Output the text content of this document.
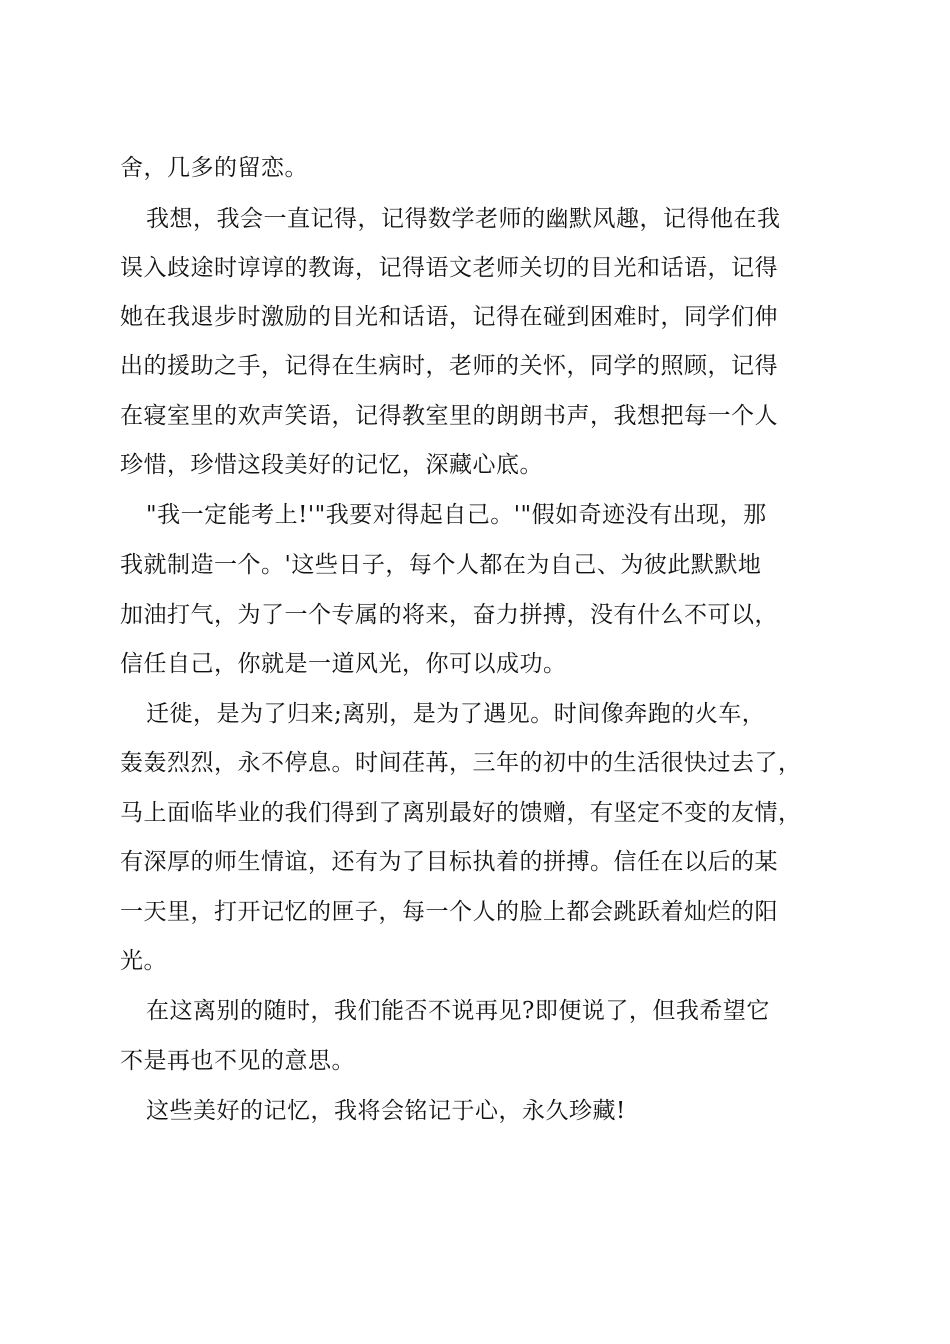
舍，几多的留恋。
我想，我会一直记得，记得数学老师的幽默风趣，记得他在我
误入歧途时谆谆的教诲，记得语文老师关切的目光和话语，记得
她在我退步时激励的目光和话语，记得在碰到困难时，同学们伸
出的援助之手，记得在生病时，老师的关怀，同学的照顾，记得
在寝室里的欢声笑语，记得教室里的朗朗书声，我想把每一个人
珍惜，珍惜这段美好的记忆，深藏心底。
"我一定能考上!'"我要对得起自己。'"假如奇迹没有出现，那
我就制造一个。'这些日子，每个人都在为自己、为彼此默默地
加油打气，为了一个专属的将来，奋力拼搏，没有什么不可以，
信任自己，你就是一道风光，你可以成功。
迁徙，是为了归来;离别，是为了遇见。时间像奔跑的火车，
轰轰烈烈，永不停息。时间荏苒，三年的初中的生活很快过去了，
马上面临毕业的我们得到了离别最好的馈赠，有坚定不变的友情，
有深厚的师生情谊，还有为了目标执着的拼搏。信任在以后的某
一天里，打开记忆的匣子，每一个人的脸上都会跳跃着灿烂的阳
光。
在这离别的随时，我们能否不说再见?即便说了，但我希望它
不是再也不见的意思。
这些美好的记忆，我将会铭记于心，永久珍藏!
